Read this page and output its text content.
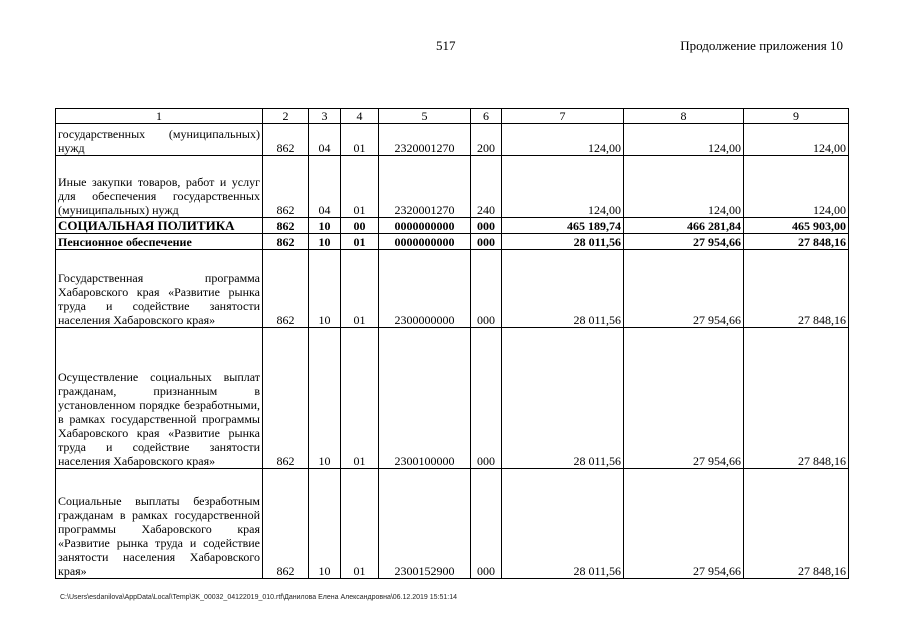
517	Продолжение приложения 10
1	2	3	4	5	6	7	8	9
государственных (муниципальных) нужд	862	04	01	2320001270	200	124,00	124,00	124,00
Иные закупки товаров, работ и услуг для обеспечения государственных (муниципальных) нужд	862	04	01	2320001270	240	124,00	124,00	124,00
СОЦИАЛЬНАЯ ПОЛИТИКА	862	10	00	0000000000	000	465 189,74	466 281,84	465 903,00
Пенсионное обеспечение	862	10	01	0000000000	000	28 011,56	27 954,66	27 848,16
Государственная программа Хабаровского края «Развитие рынка труда и содействие занятости населения Хабаровского края»	862	10	01	2300000000	000	28 011,56	27 954,66	27 848,16
Осуществление социальных выплат гражданам, признанным в установленном порядке безработными, в рамках государственной программы Хабаровского края «Развитие рынка труда и содействие занятости населения Хабаровского края»	862	10	01	2300100000	000	28 011,56	27 954,66	27 848,16
Социальные выплаты безработным гражданам в рамках государственной программы Хабаровского края «Развитие рынка труда и содействие занятости населения Хабаровского края»	862	10	01	2300152900	000	28 011,56	27 954,66	27 848,16
C:\Users\esdanilova\AppData\Local\Temp\3K_00032_04122019_010.rtf\Данилова Елена Александровна\06.12.2019 15:51:14
